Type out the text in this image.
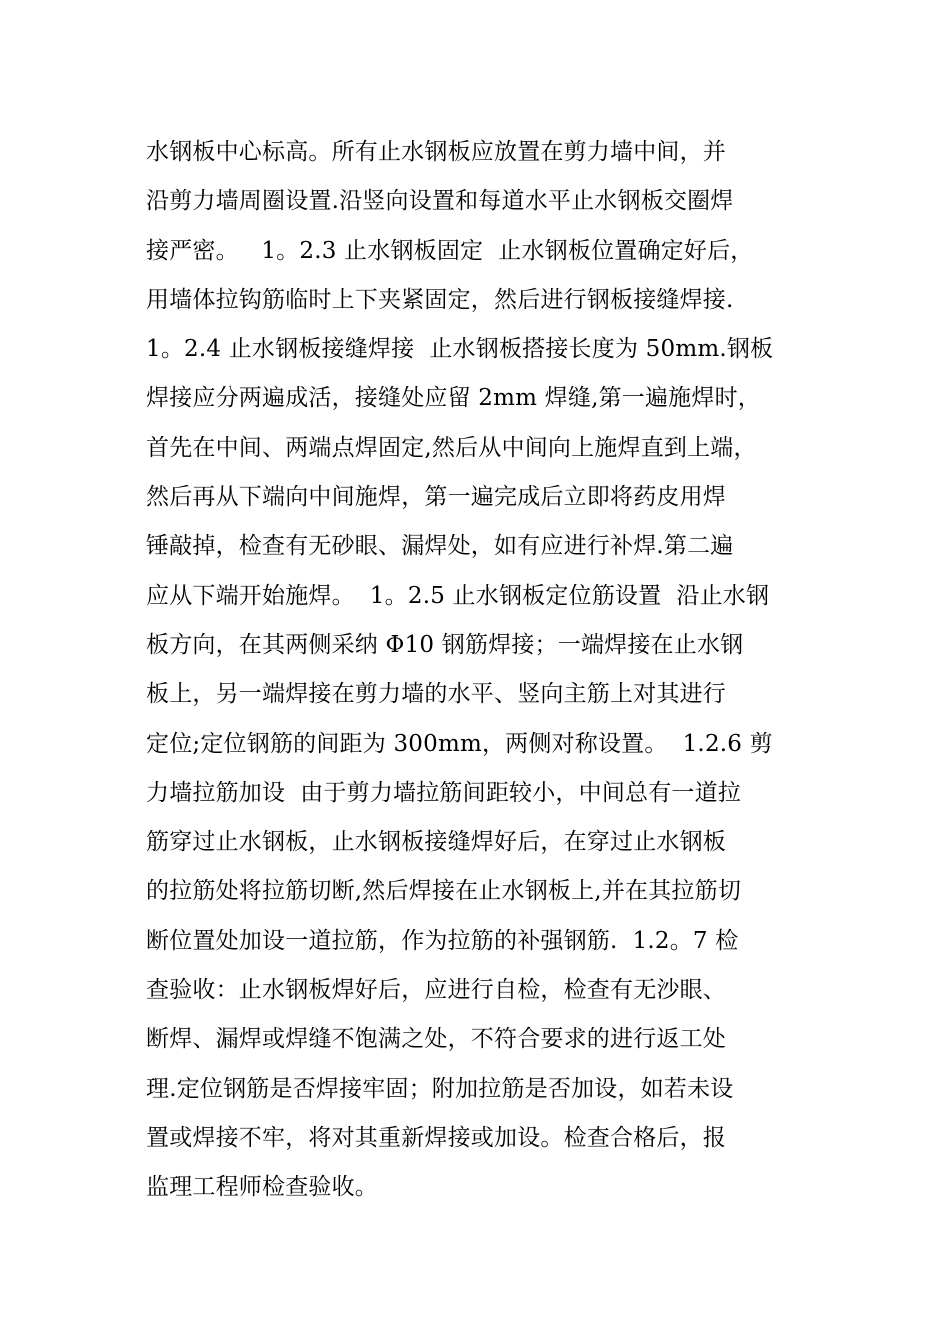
水钢板中心标高。所有止水钢板应放置在剪力墙中间，并
沿剪力墙周圈设置.沿竖向设置和每道水平止水钢板交圈焊
接严密。   1。2.3 止水钢板固定  止水钢板位置确定好后，
用墙体拉钩筋临时上下夹紧固定，然后进行钢板接缝焊接.
1。2.4 止水钢板接缝焊接  止水钢板搭接长度为 50mm.钢板
焊接应分两遍成活，接缝处应留 2mm 焊缝,第一遍施焊时，
首先在中间、两端点焊固定,然后从中间向上施焊直到上端，
然后再从下端向中间施焊，第一遍完成后立即将药皮用焊
锤敲掉，检查有无砂眼、漏焊处，如有应进行补焊.第二遍
应从下端开始施焊。  1。2.5 止水钢板定位筋设置  沿止水钢
板方向，在其两侧采纳 Φ10 钢筋焊接；一端焊接在止水钢
板上，另一端焊接在剪力墙的水平、竖向主筋上对其进行
定位;定位钢筋的间距为 300mm，两侧对称设置。  1.2.6 剪
力墙拉筋加设  由于剪力墙拉筋间距较小，中间总有一道拉
筋穿过止水钢板，止水钢板接缝焊好后，在穿过止水钢板
的拉筋处将拉筋切断,然后焊接在止水钢板上,并在其拉筋切
断位置处加设一道拉筋，作为拉筋的补强钢筋.  1.2。7 检
查验收：止水钢板焊好后，应进行自检，检查有无沙眼、
断焊、漏焊或焊缝不饱满之处，不符合要求的进行返工处
理.定位钢筋是否焊接牢固；附加拉筋是否加设，如若未设
置或焊接不牢，将对其重新焊接或加设。检查合格后，报
监理工程师检查验收。
